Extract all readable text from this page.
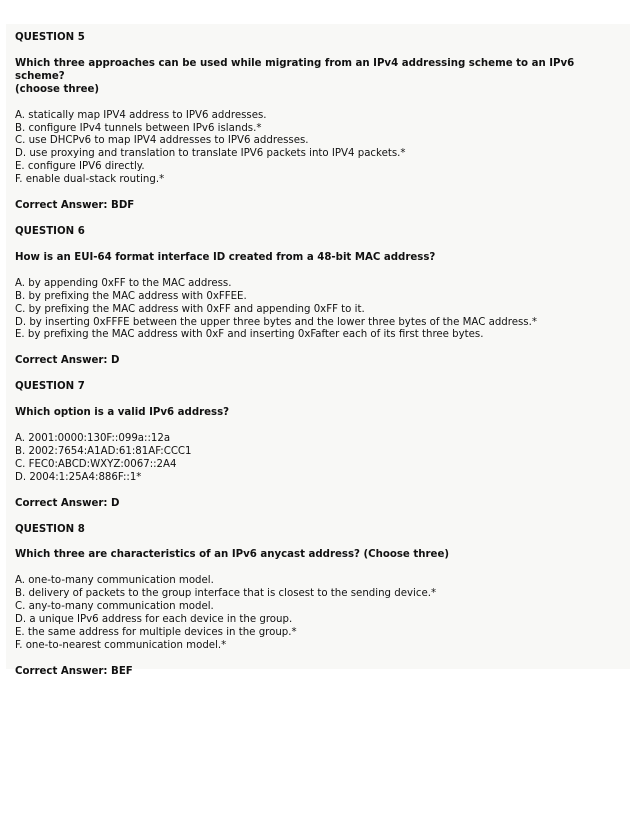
QUESTION 5

Which three approaches can be used while migrating from an IPv4 addressing scheme to an IPv6 scheme?

(choose three)

A. statically map IPV4 address to IPV6 addresses.

B. configure IPv4 tunnels between IPv6 islands.*

C. use DHCPv6 to map IPV4 addresses to IPV6 addresses.

D. use proxying and translation to translate IPV6 packets into IPV4 packets.*

E. configure IPV6 directly.

F. enable dual-stack routing.*

Correct Answer: BDF

QUESTION 6

How is an EUI-64 format interface ID created from a 48-bit MAC address?

A. by appending 0xFF to the MAC address.

B. by prefixing the MAC address with 0xFFEE.

C. by prefixing the MAC address with 0xFF and appending 0xFF to it.

D. by inserting 0xFFFE between the upper three bytes and the lower three bytes of the MAC address.*

E. by prefixing the MAC address with 0xF and inserting 0xFafter each of its first three bytes.

Correct Answer: D

QUESTION 7

Which option is a valid IPv6 address?

A. 2001:0000:130F::099a::12a

B. 2002:7654:A1AD:61:81AF:CCC1

C. FEC0:ABCD:WXYZ:0067::2A4

D. 2004:1:25A4:886F::1*

Correct Answer: D

QUESTION 8

Which three are characteristics of an IPv6 anycast address? (Choose three)

A. one-to-many communication model.

B. delivery of packets to the group interface that is closest to the sending device.*

C. any-to-many communication model.

D. a unique IPv6 address for each device in the group.

E. the same address for multiple devices in the group.*

F. one-to-nearest communication model.*

Correct Answer: BEF
